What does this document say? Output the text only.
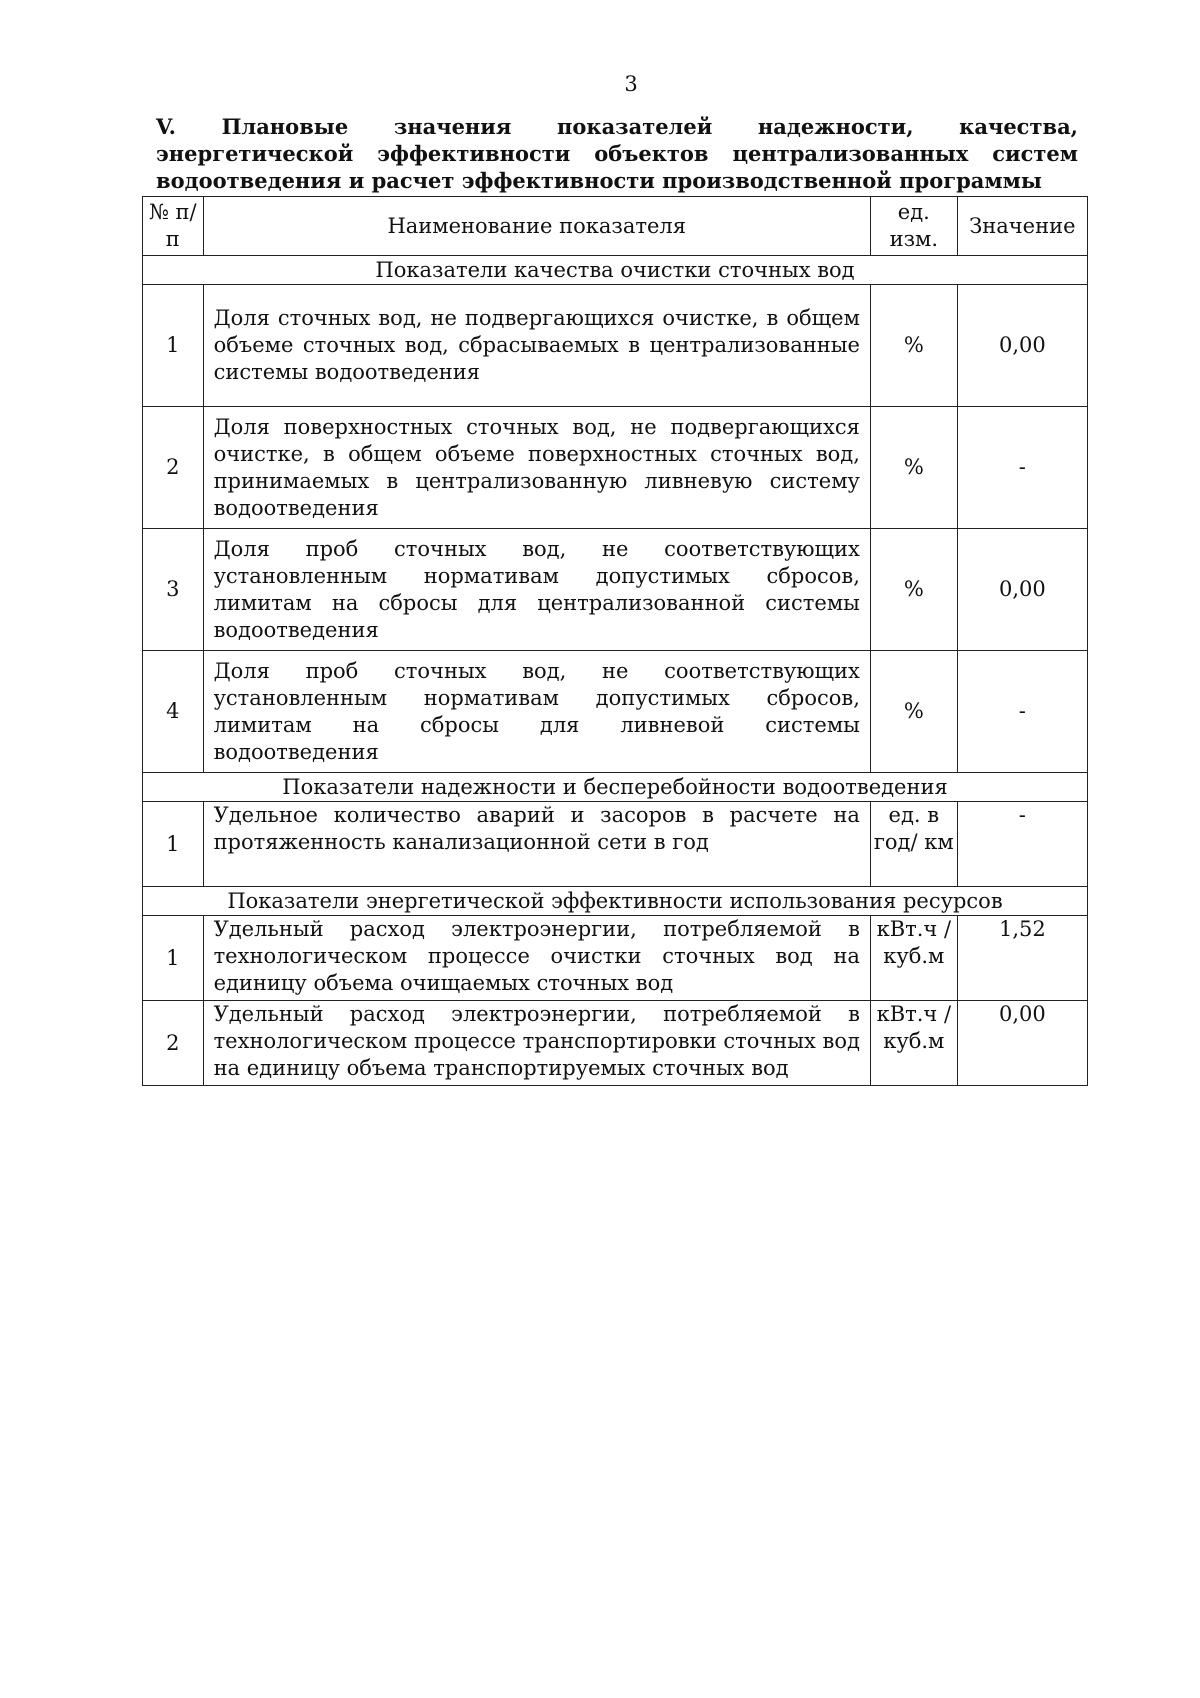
3
V. Плановые значения показателей надежности, качества, энергетической эффективности объектов централизованных систем водоотведения и расчет эффективности производственной программы
№ п/п	Наименование показателя	ед. изм.	Значение
Показатели качества очистки сточных вод			
1	Доля сточных вод, не подвергающихся очистке, в общем объеме сточных вод, сбрасываемых в централизованные системы водоотведения	%	0,00
2	Доля поверхностных сточных вод, не подвергающихся очистке, в общем объеме поверхностных сточных вод, принимаемых в централизованную ливневую систему водоотведения	%	-
3	Доля проб сточных вод, не соответствующих установленным нормативам допустимых сбросов, лимитам на сбросы для централизованной системы водоотведения	%	0,00
4	Доля проб сточных вод, не соответствующих установленным нормативам допустимых сбросов, лимитам на сбросы для ливневой системы водоотведения	%	-
Показатели надежности и бесперебойности водоотведения			
1	Удельное количество аварий и засоров в расчете на протяженность канализационной сети в год	ед. в год/ км	-
Показатели энергетической эффективности использования ресурсов			
1	Удельный расход электроэнергии, потребляемой в технологическом процессе очистки сточных вод на единицу объема очищаемых сточных вод	кВт.ч / куб.м	1,52
2	Удельный расход электроэнергии, потребляемой в технологическом процессе транспортировки сточных вод на единицу объема транспортируемых сточных вод	кВт.ч / куб.м	0,00
